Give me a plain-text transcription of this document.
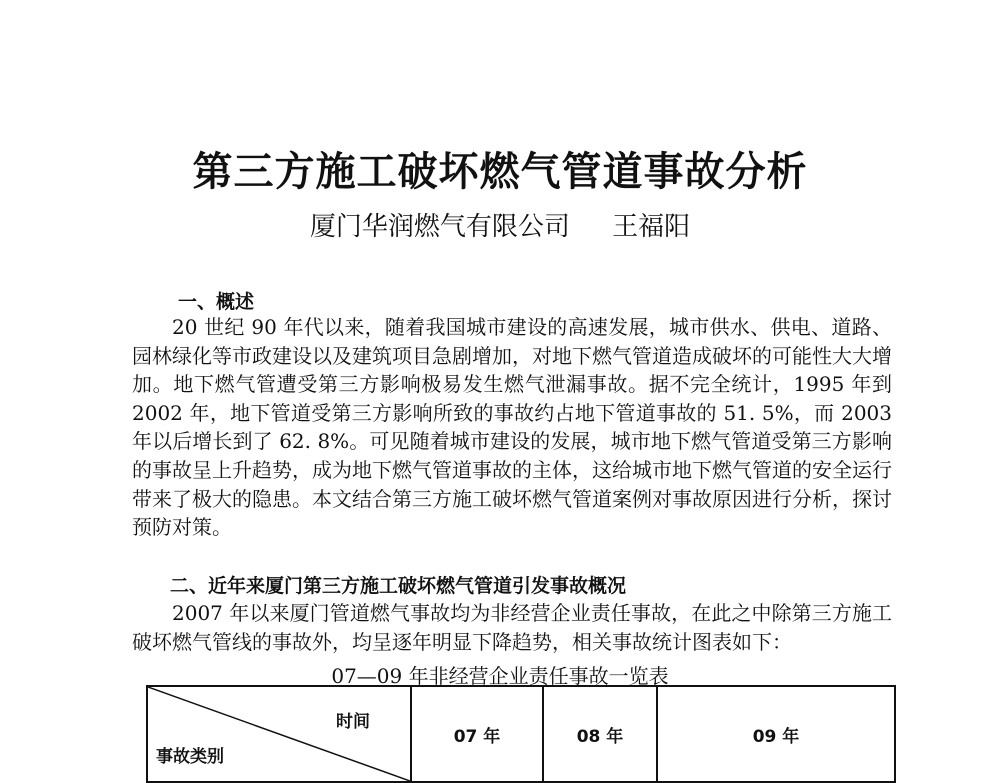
第三方施工破坏燃气管道事故分析
厦门华润燃气有限公司 王福阳
一、概述

20 世纪 90 年代以来，随着我国城市建设的高速发展，城市供水、供电、道路、园林绿化等市政建设以及建筑项目急剧增加，对地下燃气管道造成破坏的可能性大大增加。地下燃气管遭受第三方影响极易发生燃气泄漏事故。据不完全统计，1995 年到 2002 年，地下管道受第三方影响所致的事故约占地下管道事故的 51. 5%，而 2003 年以后增长到了 62. 8%。可见随着城市建设的发展，城市地下燃气管道受第三方影响的事故呈上升趋势，成为地下燃气管道事故的主体，这给城市地下燃气管道的安全运行带来了极大的隐患。本文结合第三方施工破坏燃气管道案例对事故原因进行分析，探讨预防对策。

二、近年来厦门第三方施工破坏燃气管道引发事故概况

2007 年以来厦门管道燃气事故均为非经营企业责任事故，在此之中除第三方施工破坏燃气管线的事故外，均呈逐年明显下降趋势，相关事故统计图表如下：

07—09 年非经营企业责任事故一览表

时间
事故类别
	07 年	08 年	09 年
